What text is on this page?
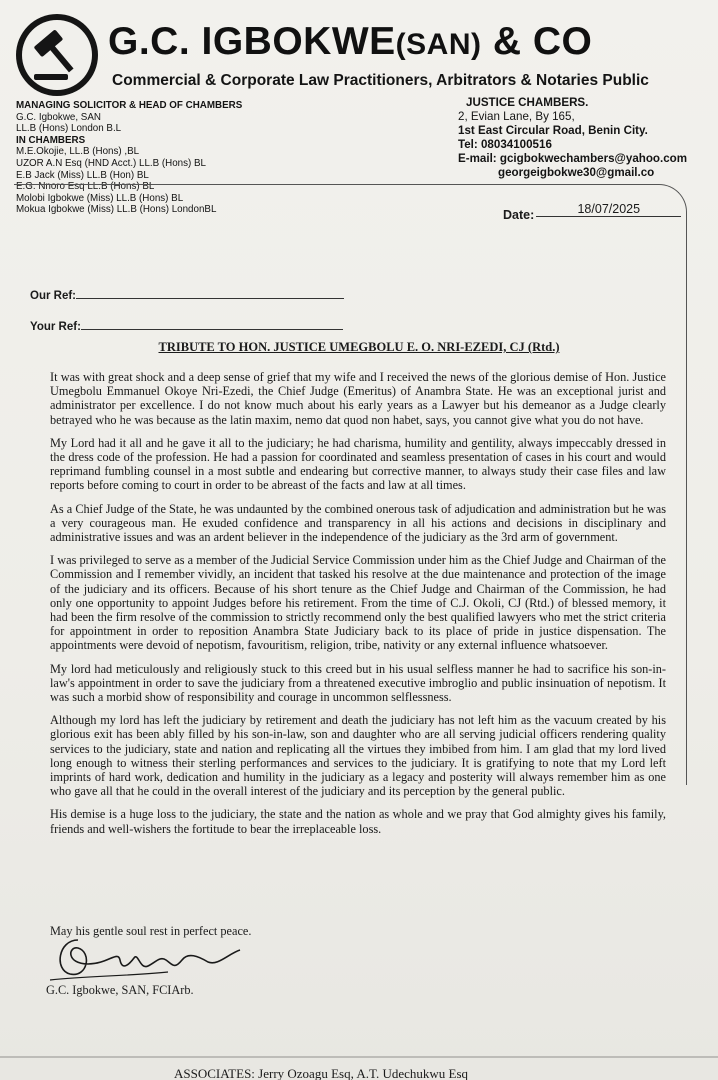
G.C. IGBOKWE(SAN) & CO
Commercial & Corporate Law Practitioners, Arbitrators & Notaries Public
MANAGING SOLICITOR & HEAD OF CHAMBERS
G.C. Igbokwe, SAN
LL.B (Hons) London B.L
IN CHAMBERS
M.E.Okojie, LL.B (Hons) ,BL
UZOR A.N Esq (HND Acct.) LL.B (Hons) BL
E.B Jack (Miss) LL.B (Hon) BL
E.G. Nnoro Esq LL.B (Hons) BL
Molobi Igbokwe (Miss) LL.B (Hons) BL
Mokua Igbokwe (Miss) LL.B (Hons) LondonBL
JUSTICE CHAMBERS.
2, Evian Lane, By 165,
1st East Circular Road, Benin City.
Tel: 08034100516
E-mail: gcigbokwechambers@yahoo.com
georgeigbokwe30@gmail.co
Date:	18/07/2025
Our Ref:
Your Ref:
TRIBUTE TO HON. JUSTICE UMEGBOLU E. O. NRI-EZEDI, CJ (Rtd.)

It was with great shock and a deep sense of grief that my wife and I received the news of the glorious demise of Hon. Justice Umegbolu Emmanuel Okoye Nri-Ezedi, the Chief Judge (Emeritus) of Anambra State. He was an exceptional jurist and administrator per excellence. I do not know much about his early years as a Lawyer but his demeanor as a Judge clearly betrayed who he was because as the latin maxim, nemo dat quod non habet, says, you cannot give what you do not have.

My Lord had it all and he gave it all to the judiciary; he had charisma, humility and gentility, always impeccably dressed in the dress code of the profession. He had a passion for coordinated and seamless presentation of cases in his court and would reprimand fumbling counsel in a most subtle and endearing but corrective manner, to always study their case files and law reports before coming to court in order to be abreast of the facts and law at all times.

As a Chief Judge of the State, he was undaunted by the combined onerous task of adjudication and administration but he was a very courageous man. He exuded confidence and transparency in all his actions and decisions in disciplinary and administrative issues and was an ardent believer in the independence of the judiciary as the 3rd arm of government.

I was privileged to serve as a member of the Judicial Service Commission under him as the Chief Judge and Chairman of the Commission and I remember vividly, an incident that tasked his resolve at the due maintenance and protection of the image of the judiciary and its officers. Because of his short tenure as the Chief Judge and Chairman of the Commission, he had only one opportunity to appoint Judges before his retirement. From the time of C.J. Okoli, CJ (Rtd.) of blessed memory, it had been the firm resolve of the commission to strictly recommend only the best qualified lawyers who met the strict criteria for appointment in order to reposition Anambra State Judiciary back to its place of pride in justice dispensation. The appointments were devoid of nepotism, favouritism, religion, tribe, nativity or any external influence whatsoever.

My lord had meticulously and religiously stuck to this creed but in his usual selfless manner he had to sacrifice his son-in-law's appointment in order to save the judiciary from a threatened executive imbroglio and public insinuation of nepotism. It was such a morbid show of responsibility and courage in uncommon selflessness.

Although my lord has left the judiciary by retirement and death the judiciary has not left him as the vacuum created by his glorious exit has been ably filled by his son-in-law, son and daughter who are all serving judicial officers rendering quality services to the judiciary, state and nation and replicating all the virtues they imbibed from him. I am glad that my lord lived long enough to witness their sterling performances and services to the judiciary. It is gratifying to note that my Lord left imprints of hard work, dedication and humility in the judiciary as a legacy and posterity will always remember him as one who gave all that he could in the overall interest of the judiciary and its perception by the general public.

His demise is a huge loss to the judiciary, the state and the nation as whole and we pray that God almighty gives his family, friends and well-wishers the fortitude to bear the irreplaceable loss.

May his gentle soul rest in perfect peace.
G.C. Igbokwe, SAN, FCIArb.
ASSOCIATES: Jerry Ozoagu Esq, A.T. Udechukwu Esq
